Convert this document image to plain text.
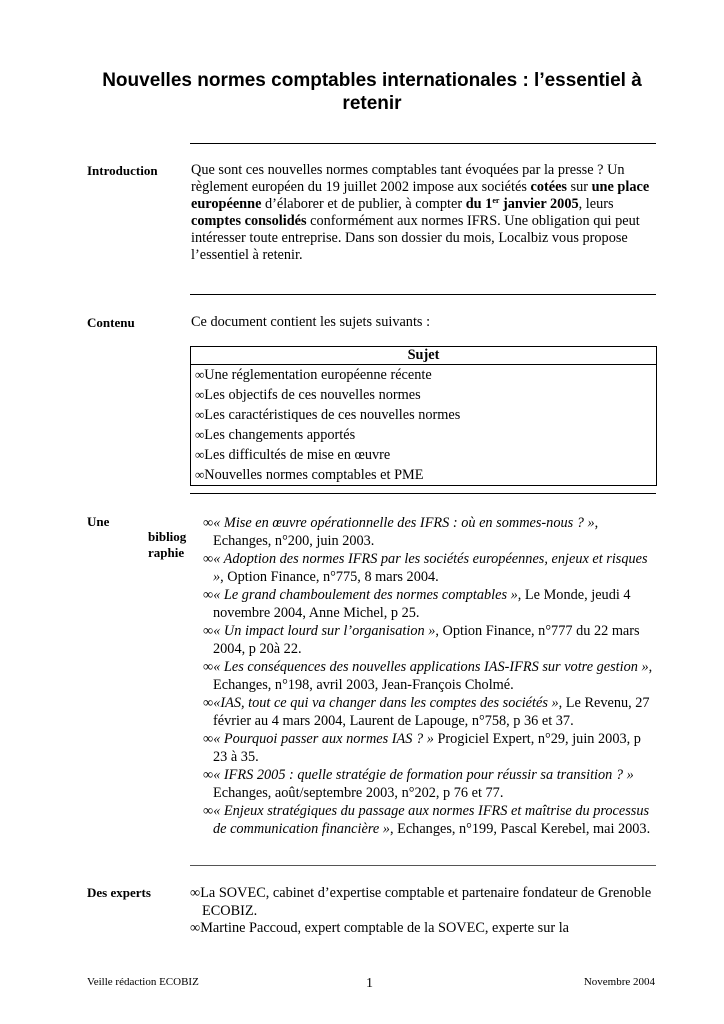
Nouvelles normes comptables internationales : l’essentiel à retenir
Introduction Que sont ces nouvelles normes comptables tant évoquées par la presse ? Un règlement européen du 19 juillet 2002 impose aux sociétés cotées sur une place européenne d’élaborer et de publier, à compter du 1er janvier 2005, leurs comptes consolidés conformément aux normes IFRS. Une obligation qui peut intéresser toute entreprise. Dans son dossier du mois, Localbiz vous propose l’essentiel à retenir.
Contenu	Ce document contient les sujets suivants :
Sujet
∞Une réglementation européenne récente
∞Les objectifs de ces nouvelles normes
∞Les caractéristiques de ces nouvelles normes
∞Les changements apportés
∞Les difficultés de mise en œuvre
∞Nouvelles normes comptables et PME
Une
bibliog
raphie
∞« Mise en œuvre opérationnelle des IFRS : où en sommes-nous ? », Echanges, n°200, juin 2003.
∞« Adoption des normes IFRS par les sociétés européennes, enjeux et risques », Option Finance, n°775, 8 mars 2004.
∞« Le grand chamboulement des normes comptables », Le Monde, jeudi 4 novembre 2004, Anne Michel, p 25.
∞« Un impact lourd sur l’organisation », Option Finance, n°777 du 22 mars 2004, p 20à 22.
∞« Les conséquences des nouvelles applications IAS-IFRS sur votre gestion », Echanges, n°198, avril 2003, Jean-François Cholmé.
∞«IAS, tout ce qui va changer dans les comptes des sociétés », Le Revenu, 27 février au 4 mars 2004, Laurent de Lapouge, n°758, p 36 et 37.
∞« Pourquoi passer aux normes IAS ? » Progiciel Expert, n°29, juin 2003, p 23 à 35.
∞« IFRS 2005 : quelle stratégie de formation pour réussir sa transition ? » Echanges, août/septembre 2003, n°202, p 76 et 77.
∞« Enjeux stratégiques du passage aux normes IFRS et maîtrise du processus de communication financière », Echanges, n°199, Pascal Kerebel, mai 2003.
Des experts	∞La SOVEC, cabinet d’expertise comptable et partenaire fondateur de Grenoble ECOBIZ.
∞Martine Paccoud, expert comptable de la SOVEC, experte sur la
Veille rédaction ECOBIZ	1	Novembre 2004
